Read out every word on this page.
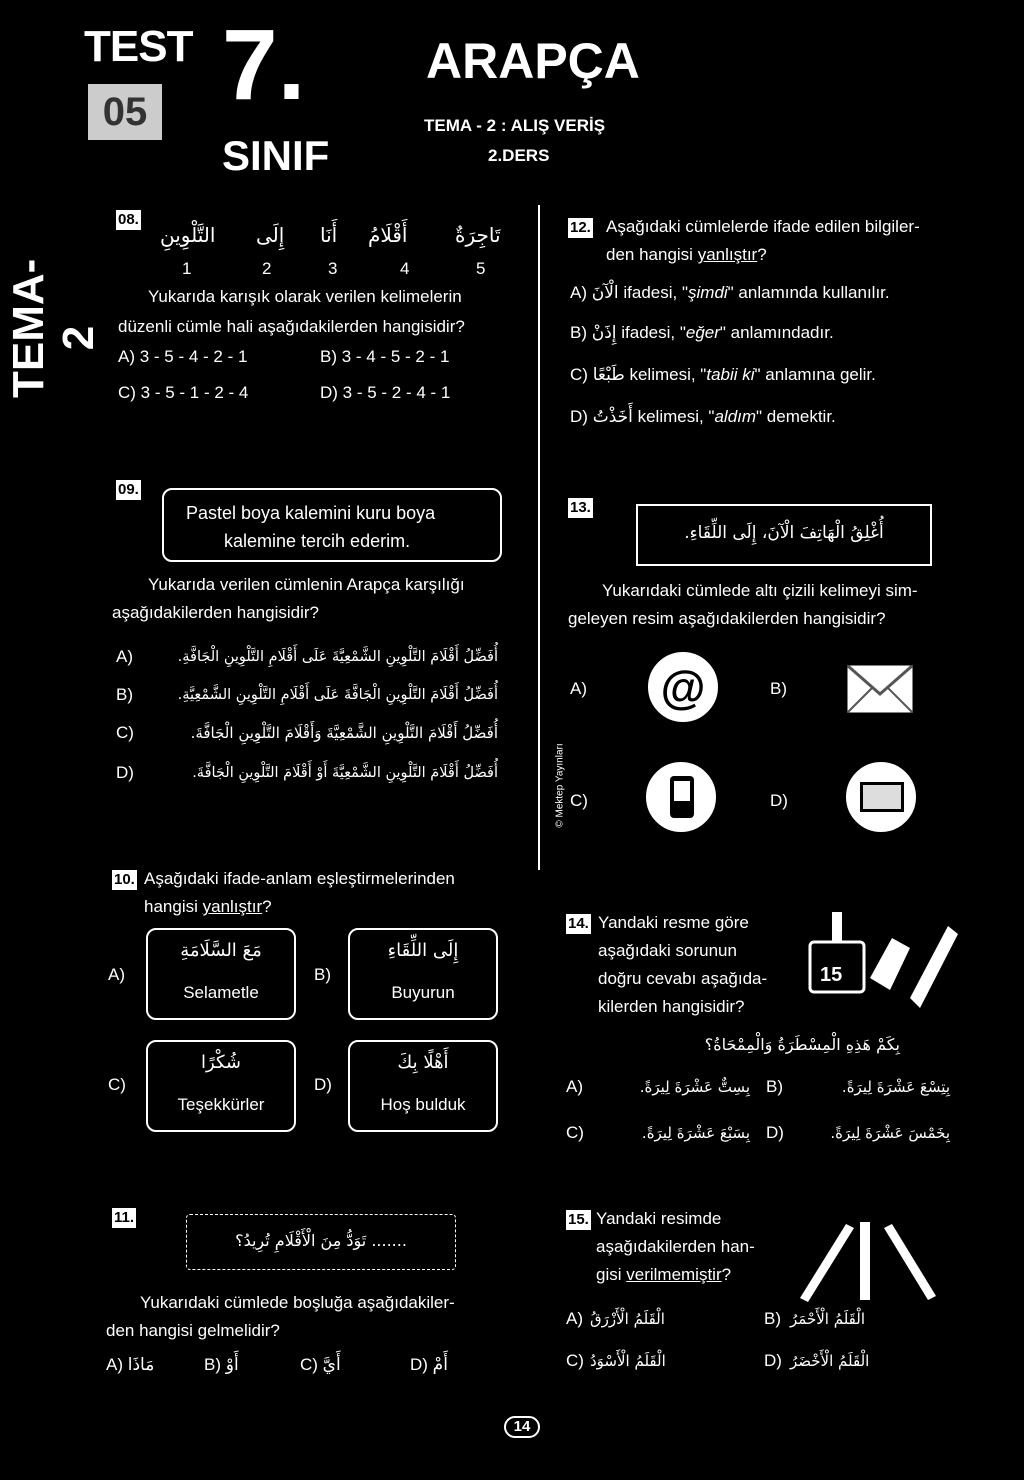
TEST
05 7.
SINIF
ARAPÇA
TEMA - 2 : ALIŞ VERİŞ
2.DERS
TEMA-2
© Mektep Yayınları
08.
تَاجِرَةٌ
أَقْلَامُ
أَنَا
إِلَى
التَّلْوِينِ
1	2	3	4	5
Yukarıda karışık olarak verilen kelimelerin
düzenli cümle hali aşağıdakilerden hangisidir?
A) 3 - 5 - 4 - 2 - 1	B) 3 - 4 - 5 - 2 - 1
C) 3 - 5 - 1 - 2 - 4	D) 3 - 5 - 2 - 4 - 1
09.
Pastel boya kalemini kuru boya
kalemine tercih ederim.
Yukarıda verilen cümlenin Arapça karşılığı
aşağıdakilerden hangisidir?
A)	أُفَضِّلُ أَقْلَامَ التَّلْوِينِ الشَّمْعِيَّةَ عَلَى أَقْلَامِ التَّلْوِينِ الْجَافَّةِ.
B)	أُفَضِّلُ أَقْلَامَ التَّلْوِينِ الْجَافَّةَ عَلَى أَقْلَامِ التَّلْوِينِ الشَّمْعِيَّةِ.
C)	أُفَضِّلُ أَقْلَامَ التَّلْوِينِ الشَّمْعِيَّةَ وَأَقْلَامَ التَّلْوِينِ الْجَافَّةَ.
D)	أُفَضِّلُ أَقْلَامَ التَّلْوِينِ الشَّمْعِيَّةَ أَوْ أَقْلَامَ التَّلْوِينِ الْجَافَّةَ.
10. Aşağıdaki ifade-anlam eşleştirmelerinden
hangisi yanlıştır?
A)
مَعَ السَّلَامَةِ
Selametle
B)
إِلَى اللِّقَاءِ
Buyurun
C)
شُكْرًا
Teşekkürler
D)
أَهْلًا بِكَ
Hoş bulduk
11.
....... تَوَدُّ مِنَ الْأَقْلَامِ تُرِيدُ؟
Yukarıdaki cümlede boşluğa aşağıdakiler-
den hangisi gelmelidir?
A) مَاذَا	B) أَوْ	C) أَيَّ	D) أَمْ
12. Aşağıdaki cümlelerde ifade edilen bilgiler-
den hangisi yanlıştır?
A) الْآنَ ifadesi, "şimdi" anlamında kullanılır.
B) إِذَنْ ifadesi, "eğer" anlamındadır.
C) طَبْعًا kelimesi, "tabii ki" anlamına gelir.
D) أَخَذْتُ kelimesi, "aldım" demektir.
13.
أُغْلِقُ الْهَاتِفَ الْآنَ، إِلَى اللِّقَاءِ.
Yukarıdaki cümlede altı çizili kelimeyi sim-
geleyen resim aşağıdakilerden hangisidir?
A) @	B)
C)	D)
14. Yandaki resme göre
aşağıdaki sorunun
doğru cevabı aşağıda-
kilerden hangisidir?
15
بِكَمْ هَذِهِ الْمِسْطَرَةُ وَالْمِمْحَاةُ؟
A)	بِسِتٌّ عَشْرَةَ لِيرَةً. B)	بِتِسْعَ عَشْرَةَ لِيرَةً.
C)	بِسَبْعَ عَشْرَةَ لِيرَةً. D)	بِخَمْسَ عَشْرَةَ لِيرَةً.
15. Yandaki resimde
aşağıdakilerden han-
gisi verilmemiştir?
A) الْقَلَمُ الْأَزْرَقُ	B) الْقَلَمُ الْأَحْمَرُ
C) الْقَلَمُ الْأَسْوَدُ	D) الْقَلَمُ الْأَخْضَرُ
14
